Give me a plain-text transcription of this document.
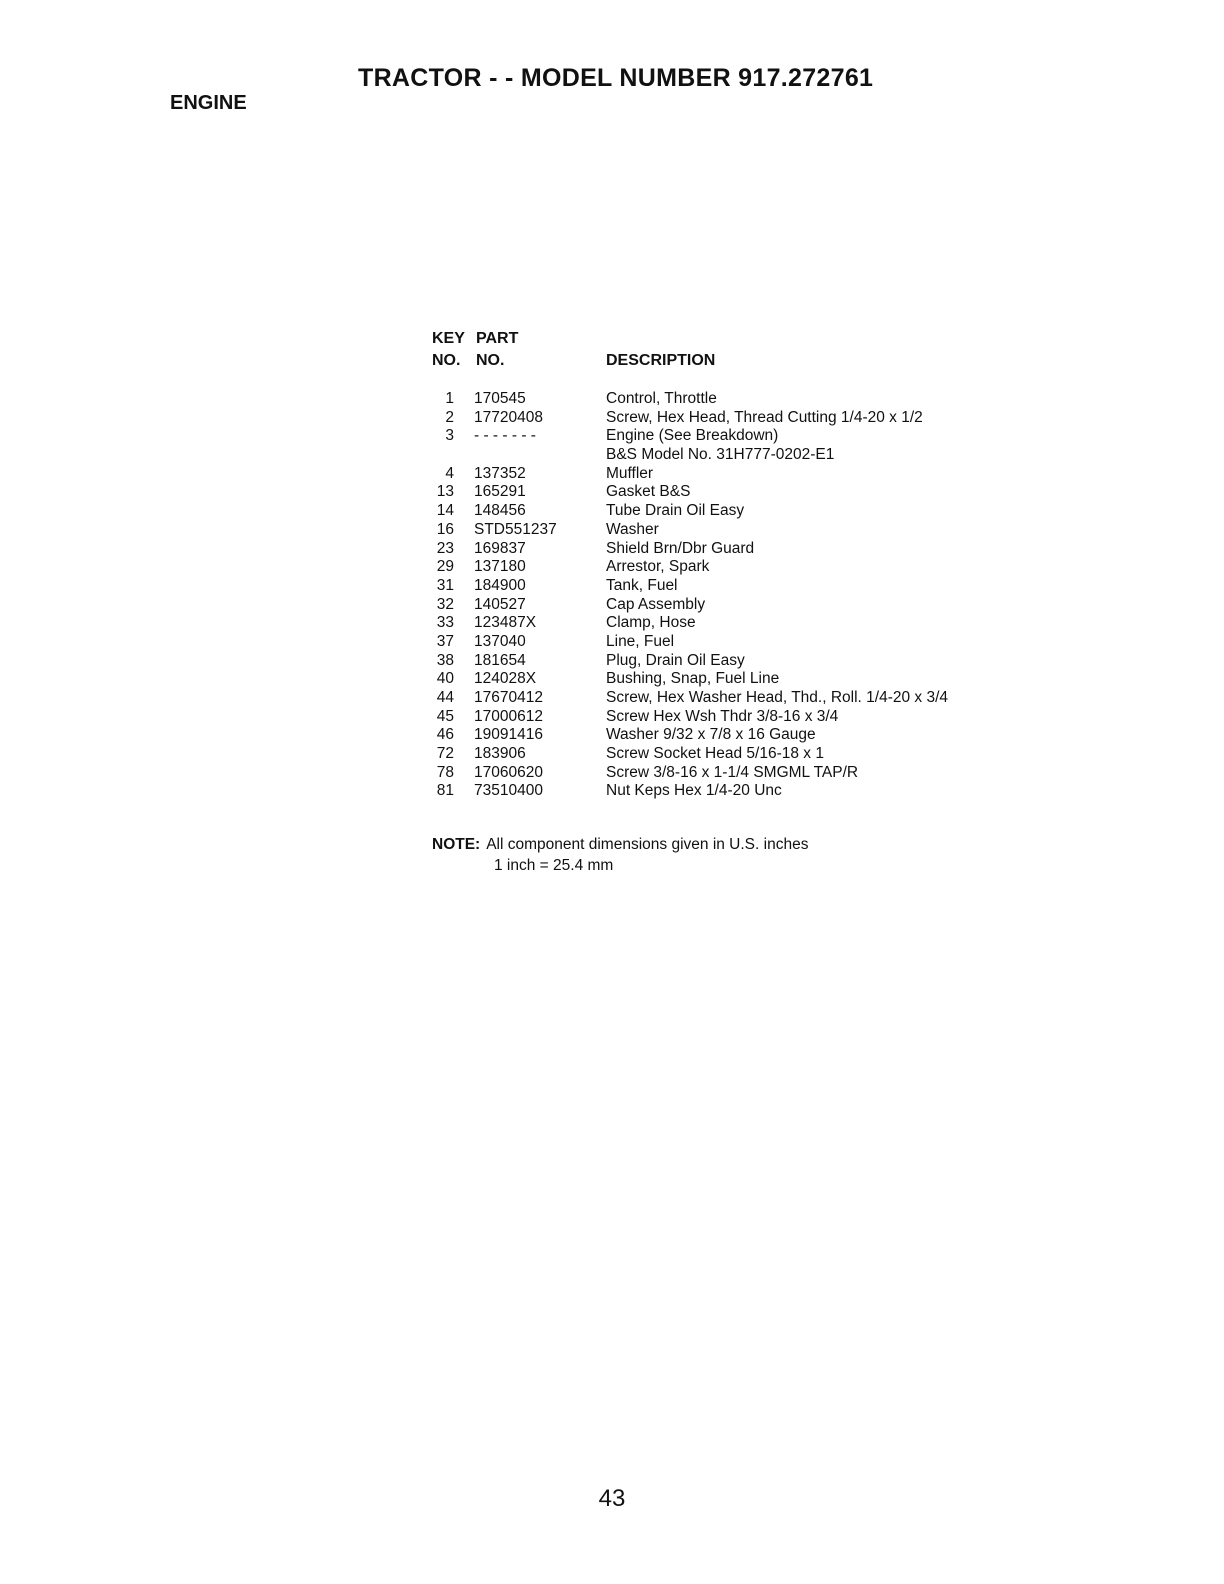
TRACTOR - - MODEL NUMBER 917.272761
ENGINE
KEY PART
NO. NO.	DESCRIPTION
1 170545	Control, Throttle
2 17720408	Screw, Hex Head, Thread Cutting 1/4-20 x 1/2
3 - - - - - - -	Engine (See Breakdown)
B&S Model No. 31H777-0202-E1
4 137352	Muffler
13 165291	Gasket B&S
14 148456	Tube Drain Oil Easy
16 STD551237	Washer
23 169837	Shield Brn/Dbr Guard
29 137180	Arrestor, Spark
31 184900	Tank, Fuel
32 140527	Cap Assembly
33 123487X	Clamp, Hose
37 137040	Line, Fuel
38 181654	Plug, Drain Oil Easy
40 124028X	Bushing, Snap, Fuel Line
44 17670412	Screw, Hex Washer Head, Thd., Roll. 1/4-20 x 3/4
45 17000612	Screw Hex Wsh Thdr 3/8-16 x 3/4
46 19091416	Washer 9/32 x 7/8 x 16 Gauge
72 183906	Screw Socket Head 5/16-18 x 1
78 17060620	Screw 3/8-16 x 1-1/4 SMGML TAP/R
81 73510400	Nut Keps Hex 1/4-20 Unc
NOTE: All component dimensions given in U.S. inches
1 inch = 25.4 mm
43
